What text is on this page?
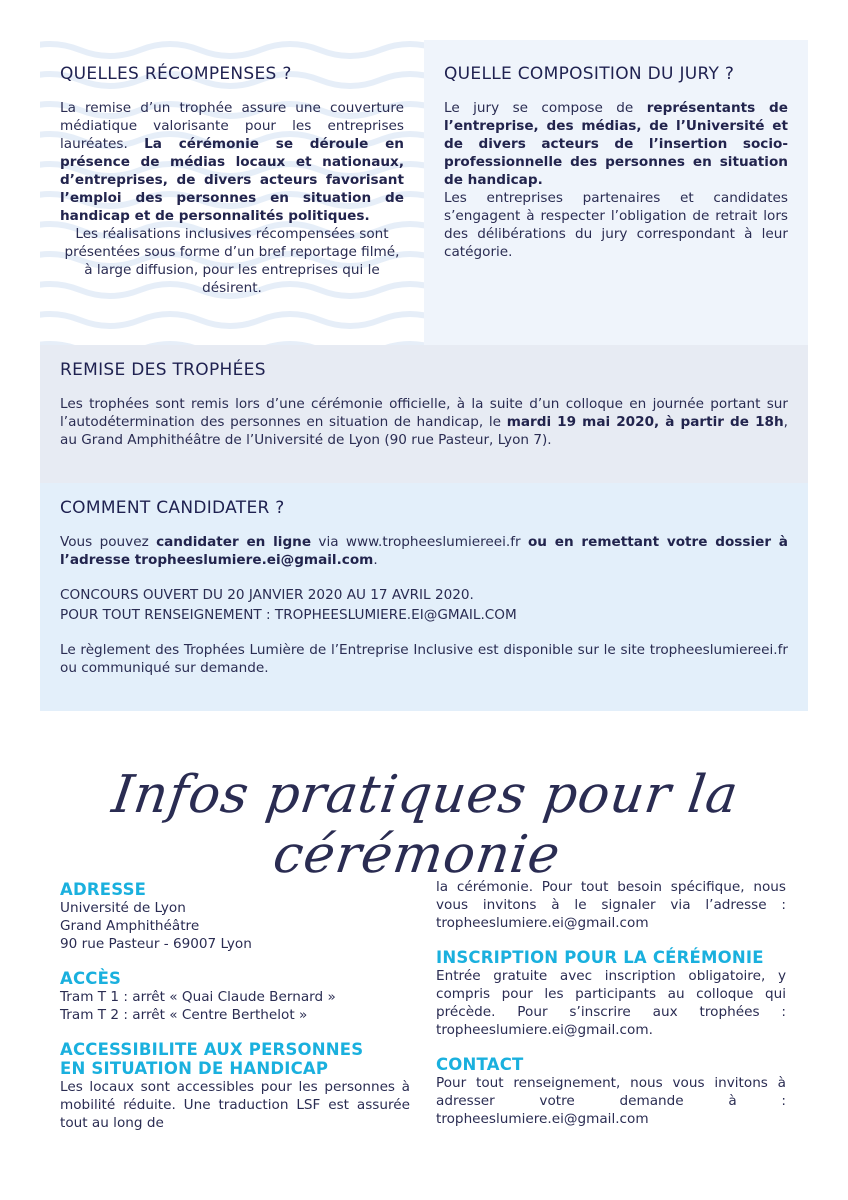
QUELLES RÉCOMPENSES ?

La remise d’un trophée assure une couverture médiatique valorisante pour les entreprises lauréates. La cérémonie se déroule en présence de médias locaux et nationaux, d’entreprises, de divers acteurs favorisant l’emploi des personnes en situation de handicap et de personnalités politiques.

Les réalisations inclusives récompensées sont présentées sous forme d’un bref reportage filmé, à large diffusion, pour les entreprises qui le désirent.

QUELLE COMPOSITION DU JURY ?

Le jury se compose de représentants de l’entreprise, des médias, de l’Université et de divers acteurs de l’insertion socio-professionnelle des personnes en situation de handicap.

Les entreprises partenaires et candidates s’engagent à respecter l’obligation de retrait lors des délibérations du jury correspondant à leur catégorie.

REMISE DES TROPHÉES

Les trophées sont remis lors d’une cérémonie officielle, à la suite d’un colloque en journée portant sur l’autodétermination des personnes en situation de handicap, le mardi 19 mai 2020, à partir de 18h, au Grand Amphithéâtre de l’Université de Lyon (90 rue Pasteur, Lyon 7).

COMMENT CANDIDATER ?

Vous pouvez candidater en ligne via www.tropheeslumiereei.fr ou en remettant votre dossier à l’adresse tropheeslumiere.ei@gmail.com.

CONCOURS OUVERT DU 20 JANVIER 2020 AU 17 AVRIL 2020.

POUR TOUT RENSEIGNEMENT : TROPHEESLUMIERE.EI@GMAIL.COM

Le règlement des Trophées Lumière de l’Entreprise Inclusive est disponible sur le site tropheeslumiereei.fr ou communiqué sur demande.

Infos pratiques pour la cérémonie
ADRESSE

Université de Lyon

Grand Amphithéâtre

90 rue Pasteur - 69007 Lyon

ACCÈS

Tram T 1 : arrêt « Quai Claude Bernard »

Tram T 2 : arrêt « Centre Berthelot »

ACCESSIBILITE AUX PERSONNES
EN SITUATION DE HANDICAP

Les locaux sont accessibles pour les personnes à mobilité réduite. Une traduction LSF est assurée tout au long de

la cérémonie. Pour tout besoin spécifique, nous vous invitons à le signaler via l’adresse : tropheeslumiere.ei@gmail.com

INSCRIPTION POUR LA CÉRÉMONIE

Entrée gratuite avec inscription obligatoire, y compris pour les participants au colloque qui précède. Pour s’inscrire aux trophées : tropheeslumiere.ei@gmail.com.

CONTACT

Pour tout renseignement, nous vous invitons à adresser votre demande à : tropheeslumiere.ei@gmail.com
